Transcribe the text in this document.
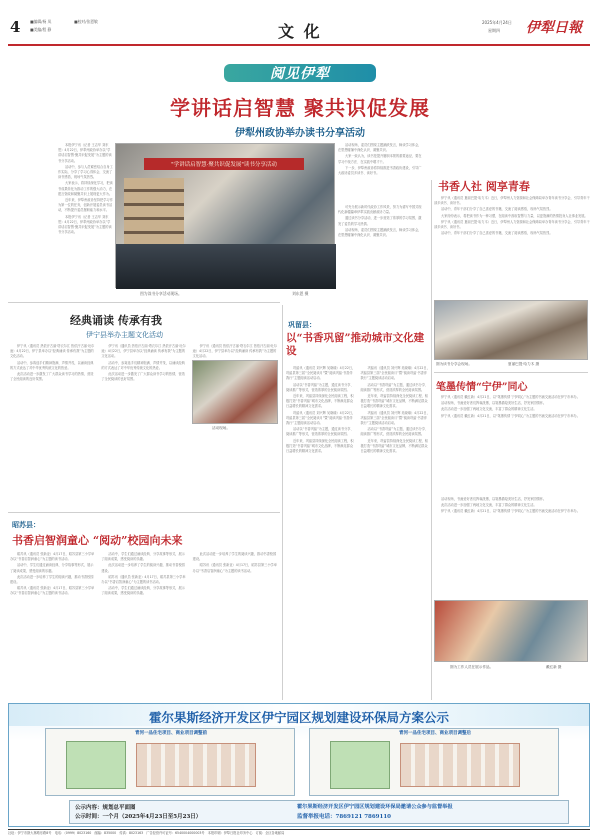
4	■编辑/杨 凤	■校对/张恩敏
■美编/程 静	文 化	2025年4月24日
星期四 伊犁日報
阅见伊犁
学讲话启智慧 聚共识促发展
伊犁州政协举办读书分享活动

本报伊宁讯（记者 王志华 刘东恩）4月22日，伊犁州政协举办以“学讲话启智慧·聚共识促发展”为主题的读书分享活动。

活动中，参与人员紧密结合自身工作实际，分享了学习心得体会，交流了读书感悟，现场气氛热烈。

大家表示，将持续深化学习，把读书成果转化为推动工作的强大动力，在建言资政和凝聚共识上展现更大作为。

近年来，伊犁州政协坚持把学习作为第一位的任务，创新开展委员读书活动，不断提升委员履职能力和水平。

本报伊宁讯（记者 王志华 刘东恩）4月22日，伊犁州政协举办以“学讲话启智慧·聚共识促发展”为主题的读书分享活动。

"学讲话启智慧·聚共识促发展"读书分享活动
图为读书分享活动现场。	刘东恩 摄

活动现场，委员们围绕主题踊跃发言，畅谈学习体会，在思想碰撞中深化认识、凝聚共识。

大家一致认为，读书是提升履职本领的重要途径，要在学习中找方法、在实践中增才干。

下一步，伊犁州政协将持续推进书香政协建设，引导广大政协委员多读书、读好书。

可充分展示新时代政协工作风采，努力为谱写中国式现代化新疆篇章伊犁实践贡献政协力量。

通过读书分享活动，进一步营造了浓厚的学习氛围，激发了委员的学习热情。

活动现场，委员们围绕主题踊跃发言，畅谈学习体会，在思想碰撞中深化认识、凝聚共识。

书香人社 阅享青春

伊宁讯（通讯员 夏丽巴提·哈力木）近日，伊犁州人力资源和社会保障局举办青年读书分享会，引导青年干部多读书、读好书。

活动中，青年干部们分享了自己喜爱的书籍，交流了阅读感悟，现场气氛热烈。

大家纷纷表示，将把读书作为一种习惯，在阅读中汲取智慧与力量，以更饱满的热情投身人社事业发展。

伊宁讯（通讯员 夏丽巴提·哈力木）近日，伊犁州人力资源和社会保障局举办青年读书分享会，引导青年干部多读书、读好书。

活动中，青年干部们分享了自己喜爱的书籍，交流了阅读感悟，现场气氛热烈。

图为读书分享会现场。	夏丽巴提·哈力木 摄
笔墨传情“宁伊”同心

伊宁讯（通讯员 戴红新）4月21日，以“笔墨传情 宁伊同心”为主题的书画交流活动在伊宁市举办。

活动现场，书画爱好者们挥毫泼墨，以笔墨描绘美好生活，抒发家国情怀。

此次活动进一步加强了两地文化交流，丰富了群众的精神文化生活。

伊宁讯（通讯员 戴红新）4月21日，以“笔墨传情 宁伊同心”为主题的书画交流活动在伊宁市举办。

图为工作人员在展示作品。	戴红新 摄

活动现场，书画爱好者们挥毫泼墨，以笔墨描绘美好生活，抒发家国情怀。

此次活动进一步加强了两地文化交流，丰富了群众的精神文化生活。

伊宁讯（通讯员 戴红新）4月21日，以“笔墨传情 宁伊同心”为主题的书画交流活动在伊宁市举办。

经典诵读 传承有我
伊宁县举办主题文化活动

伊宁讯（通讯员 热依汗古丽·塔衣尔江 热依汗古丽·吐尔逊）4月22日，伊宁县举办以“经典诵读 传承有我”为主题的文化活动。

活动中，参赛选手们精神饱满、声情并茂，以诵读经典的方式表达了对中华优秀传统文化的热爱。

此次活动进一步激发了广大群众读书学习的热情，营造了全民阅读的良好氛围。

伊宁讯（通讯员 热依汗古丽·塔衣尔江 热依汗古丽·吐尔逊）4月22日，伊宁县举办以“经典诵读 传承有我”为主题的文化活动。

活动中，参赛选手们精神饱满、声情并茂，以诵读经典的方式表达了对中华优秀传统文化的热爱。

此次活动进一步激发了广大群众读书学习的热情，营造了全民阅读的良好氛围。

伊宁讯（通讯员 热依汗古丽·塔衣尔江 热依汗古丽·吐尔逊）4月22日，伊宁县举办以“经典诵读 传承有我”为主题的文化活动。

活动现场。
巩留县：
以“书香巩留”推动城市文化建设

巩留讯（通讯员 刘兴辉 吴晓瑜）4月22日，巩留县第三届“全民阅读月”暨“阅读巩留·书香伴我行”主题阅读活动启动。

活动以“书香巩留”为主题，通过读书分享、阅读推广等形式，营造浓厚的全民阅读氛围。

近年来，巩留县持续深化全民阅读工程，积极打造“书香巩留”城市文化品牌，不断满足群众日益增长的精神文化需求。

巩留讯（通讯员 刘兴辉 吴晓瑜）4月22日，巩留县第三届“全民阅读月”暨“阅读巩留·书香伴我行”主题阅读活动启动。

活动以“书香巩留”为主题，通过读书分享、阅读推广等形式，营造浓厚的全民阅读氛围。

近年来，巩留县持续深化全民阅读工程，积极打造“书香巩留”城市文化品牌，不断满足群众日益增长的精神文化需求。

巩留讯（通讯员 刘兴辉 吴晓瑜）4月22日，巩留县第三届“全民阅读月”暨“阅读巩留·书香伴我行”主题阅读活动启动。

活动以“书香巩留”为主题，通过读书分享、阅读推广等形式，营造浓厚的全民阅读氛围。

近年来，巩留县持续深化全民阅读工程，积极打造“书香巩留”城市文化品牌，不断满足群众日益增长的精神文化需求。

巩留讯（通讯员 刘兴辉 吴晓瑜）4月22日，巩留县第三届“全民阅读月”暨“阅读巩留·书香伴我行”主题阅读活动启动。

活动以“书香巩留”为主题，通过读书分享、阅读推广等形式，营造浓厚的全民阅读氛围。

近年来，巩留县持续深化全民阅读工程，积极打造“书香巩留”城市文化品牌，不断满足群众日益增长的精神文化需求。

昭苏县：
书香启智润童心 “阅动”校园向未来

昭苏讯（通讯员 张新亚）4月17日，昭苏县第三小学举办以“书香启智润童心”为主题的读书活动。

活动中，学生们通过诵读经典、分享故事等形式，展示了阅读成果，感受阅读的乐趣。

此次活动进一步培养了学生的阅读兴趣，推动书香校园建设。

昭苏讯（通讯员 张新亚）4月17日，昭苏县第三小学举办以“书香启智润童心”为主题的读书活动。

活动中，学生们通过诵读经典、分享故事等形式，展示了阅读成果，感受阅读的乐趣。

此次活动进一步培养了学生的阅读兴趣，推动书香校园建设。

昭苏讯（通讯员 张新亚）4月17日，昭苏县第三小学举办以“书香启智润童心”为主题的读书活动。

活动中，学生们通过诵读经典、分享故事等形式，展示了阅读成果，感受阅读的乐趣。

此次活动进一步培养了学生的阅读兴趣，推动书香校园建设。

昭苏讯（通讯员 张新亚）4月17日，昭苏县第三小学举办以“书香启智润童心”为主题的读书活动。

霍尔果斯经济开发区伊宁园区规划建设环保局方案公示
青河一品住宅项目、商业项目调整前	青河一品住宅项目、商业项目调整后
公示内容：规划总平面图
公示时间：一个月（2025年4月23日至5月23日）
霍尔果斯经济开发区伊宁园区规划建设环保局邀请公众参与监督举报
监督举报电话：7869121 7869110
社址：伊宁市斯大林路东路8号　电话：（0999）8023160　邮编：835000　传真：8023163　广告经营许可证号：6540004000003号　本报印刷：伊犁日报社印务中心　订阅：全区各地邮局
